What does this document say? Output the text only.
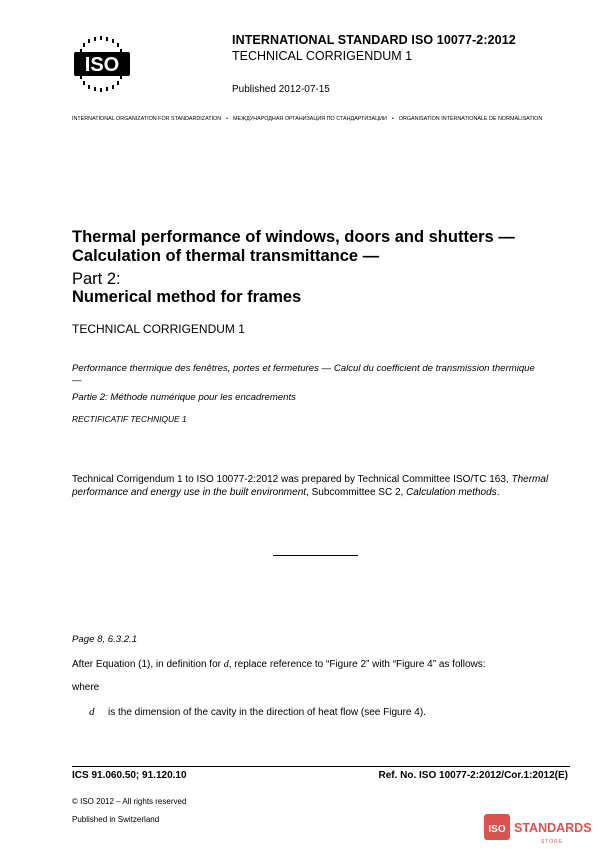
ISO
INTERNATIONAL STANDARD ISO 10077-2:2012
TECHNICAL CORRIGENDUM 1
Published 2012-07-15
INTERNATIONAL ORGANIZATION FOR STANDARDIZATION • МЕЖДУНАРОДНАЯ ОРГАНИЗАЦИЯ ПО СТАНДАРТИЗАЦИИ • ORGANISATION INTERNATIONALE DE NORMALISATION
Thermal performance of windows, doors and shutters —
Calculation of thermal transmittance —
Part 2:
Numerical method for frames
TECHNICAL CORRIGENDUM 1
Performance thermique des fenêtres, portes et fermetures — Calcul du coefficient de transmission thermique —
Partie 2: Méthode numérique pour les encadrements
RECTIFICATIF TECHNIQUE 1
Technical Corrigendum 1 to ISO 10077-2:2012 was prepared by Technical Committee ISO/TC 163, Thermal performance and energy use in the built environment, Subcommittee SC 2, Calculation methods.
Page 8, 6.3.2.1
After Equation (1), in definition for d, replace reference to “Figure 2” with “Figure 4” as follows:
where
d is the dimension of the cavity in the direction of heat flow (see Figure 4).
ICS 91.060.50; 91.120.10	Ref. No. ISO 10077-2:2012/Cor.1:2012(E)
© ISO 2012 – All rights reserved
Published in Switzerland
ISO STANDARDS
STORE
